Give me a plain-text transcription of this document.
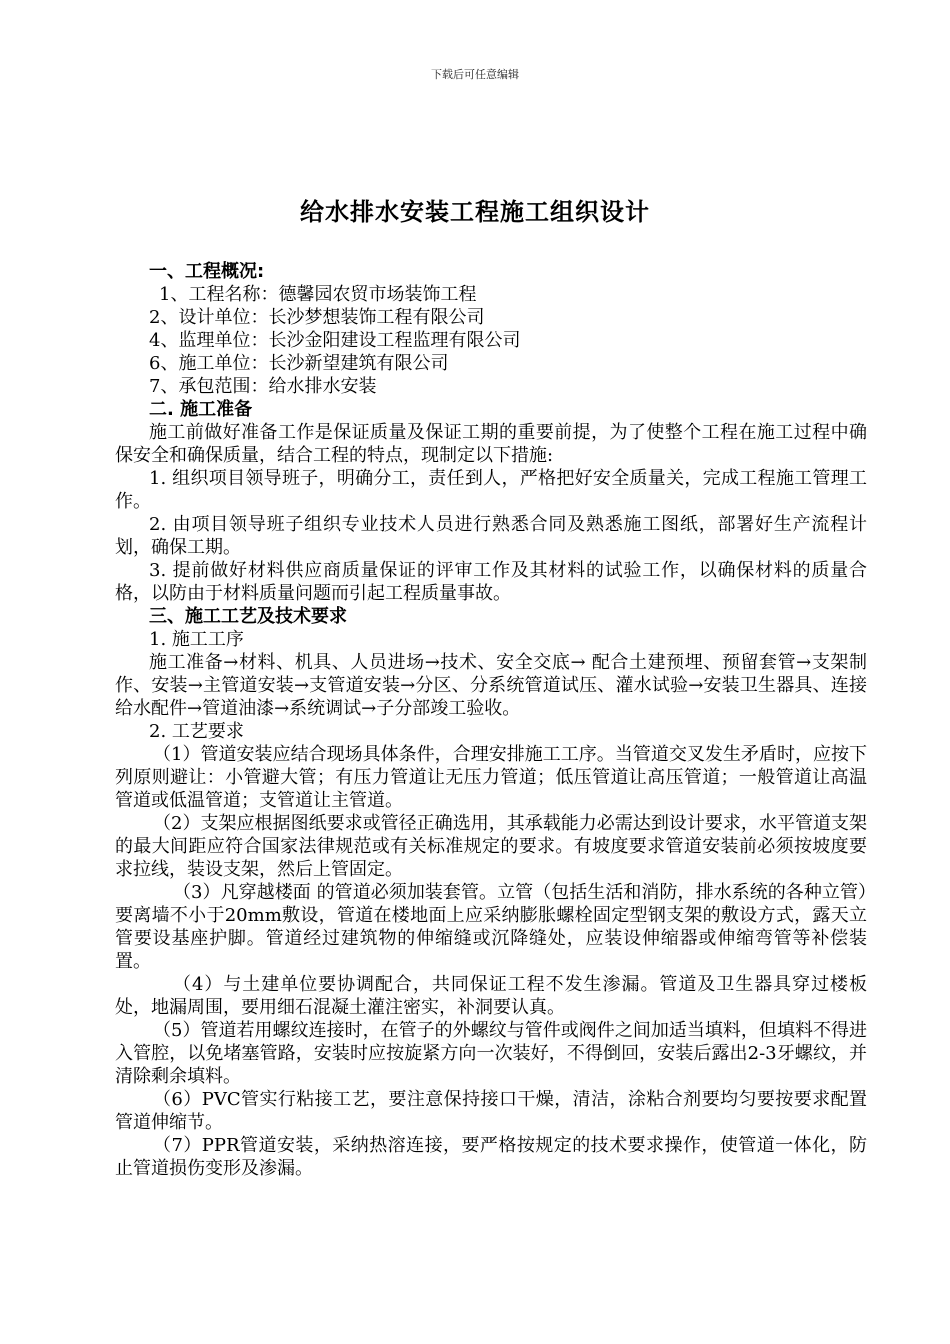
下载后可任意编辑
给水排水安装工程施工组织设计

一、工程概况:

1、工程名称：德馨园农贸市场装饰工程

2、设计单位：长沙梦想装饰工程有限公司

4、监理单位：长沙金阳建设工程监理有限公司

6、施工单位：长沙新望建筑有限公司

7、承包范围：给水排水安装

二. 施工准备

施工前做好准备工作是保证质量及保证工期的重要前提，为了使整个工程在施工过程中确保安全和确保质量，结合工程的特点，现制定以下措施:

1. 组织项目领导班子，明确分工，责任到人，严格把好安全质量关，完成工程施工管理工作。

2. 由项目领导班子组织专业技术人员进行熟悉合同及熟悉施工图纸，部署好生产流程计划，确保工期。

3. 提前做好材料供应商质量保证的评审工作及其材料的试验工作，以确保材料的质量合格，以防由于材料质量问题而引起工程质量事故。

三、施工工艺及技术要求

1. 施工工序

施工准备→材料、机具、人员进场→技术、安全交底→ 配合土建预埋、预留套管→支架制作、安装→主管道安装→支管道安装→分区、分系统管道试压、灌水试验→安装卫生器具、连接给水配件→管道油漆→系统调试→子分部竣工验收。

2. 工艺要求

（1）管道安装应结合现场具体条件，合理安排施工工序。当管道交叉发生矛盾时，应按下列原则避让：小管避大管；有压力管道让无压力管道；低压管道让高压管道；一般管道让高温管道或低温管道；支管道让主管道。

（2）支架应根据图纸要求或管径正确选用，其承载能力必需达到设计要求，水平管道支架的最大间距应符合国家法律规范或有关标准规定的要求。有坡度要求管道安装前必须按坡度要求拉线，装设支架，然后上管固定。

（3）凡穿越楼面 的管道必须加装套管。立管（包括生活和消防，排水系统的各种立管）要离墙不小于20mm敷设，管道在楼地面上应采纳膨胀螺栓固定型钢支架的敷设方式，露天立管要设基座护脚。管道经过建筑物的伸缩缝或沉降缝处，应装设伸缩器或伸缩弯管等补偿装置。

（4）与土建单位要协调配合，共同保证工程不发生渗漏。管道及卫生器具穿过楼板处，地漏周围，要用细石混凝土灌注密实，补洞要认真。

（5）管道若用螺纹连接时，在管子的外螺纹与管件或阀件之间加适当填料，但填料不得进入管腔，以免堵塞管路，安装时应按旋紧方向一次装好，不得倒回，安装后露出2-3牙螺纹，并清除剩余填料。

（6）PVC管实行粘接工艺，要注意保持接口干燥，清洁，涂粘合剂要均匀要按要求配置管道伸缩节。

（7）PPR管道安装，采纳热溶连接，要严格按规定的技术要求操作，使管道一体化，防止管道损伤变形及渗漏。
